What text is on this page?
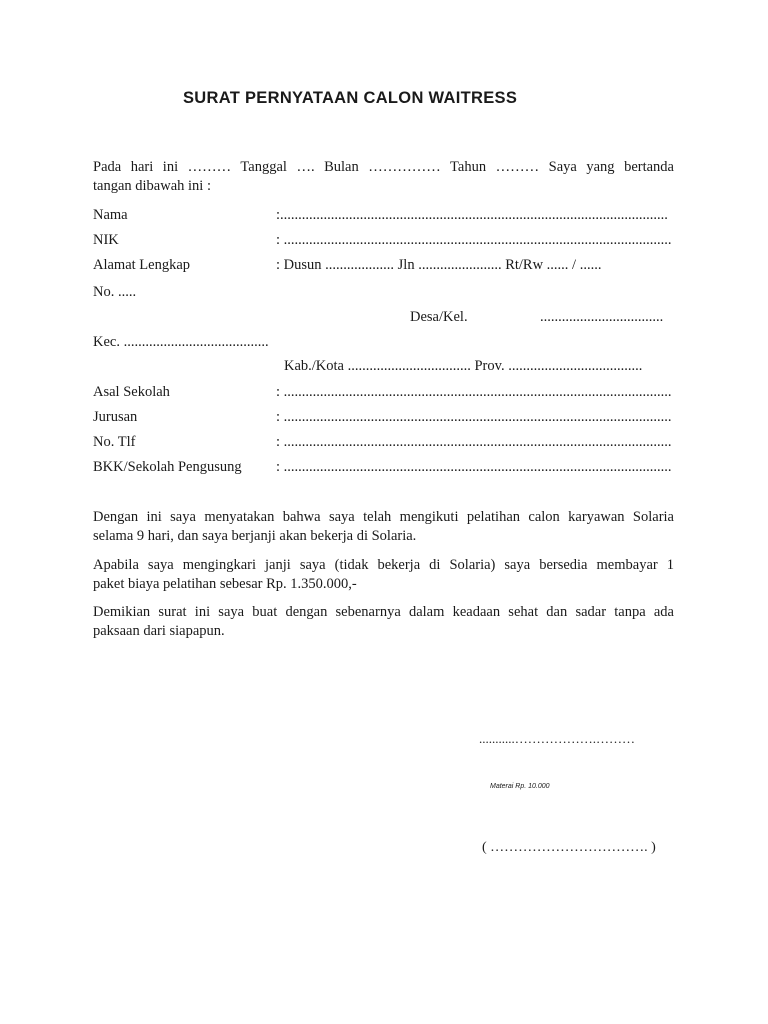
SURAT PERNYATAAN CALON WAITRESS
Pada hari ini ……… Tanggal …. Bulan …………… Tahun ……… Saya yang bertanda
tangan dibawah ini :
Nama	:...........................................................................................................
NIK	: ...........................................................................................................
Alamat Lengkap	: Dusun ................... Jln ....................... Rt/Rw ...... / ......
No. .....
Desa/Kel.	..................................
Kec. ........................................
Kab./Kota .................................. Prov. .....................................
Asal Sekolah	: ...........................................................................................................
Jurusan	: ...........................................................................................................
No. Tlf	: ...........................................................................................................
BKK/Sekolah Pengusung : ...........................................................................................................
Dengan ini saya menyatakan bahwa saya telah mengikuti pelatihan calon karyawan Solaria
selama 9 hari, dan saya berjanji akan bekerja di Solaria.
Apabila saya mengingkari janji saya (tidak bekerja di Solaria) saya bersedia membayar 1
paket biaya pelatihan sebesar Rp. 1.350.000,-
Demikian surat ini saya buat dengan sebenarnya dalam keadaan sehat dan sadar tanpa ada
paksaan dari siapapun.
...........……………….………
Materai Rp. 10.000
( ……………………………. )
